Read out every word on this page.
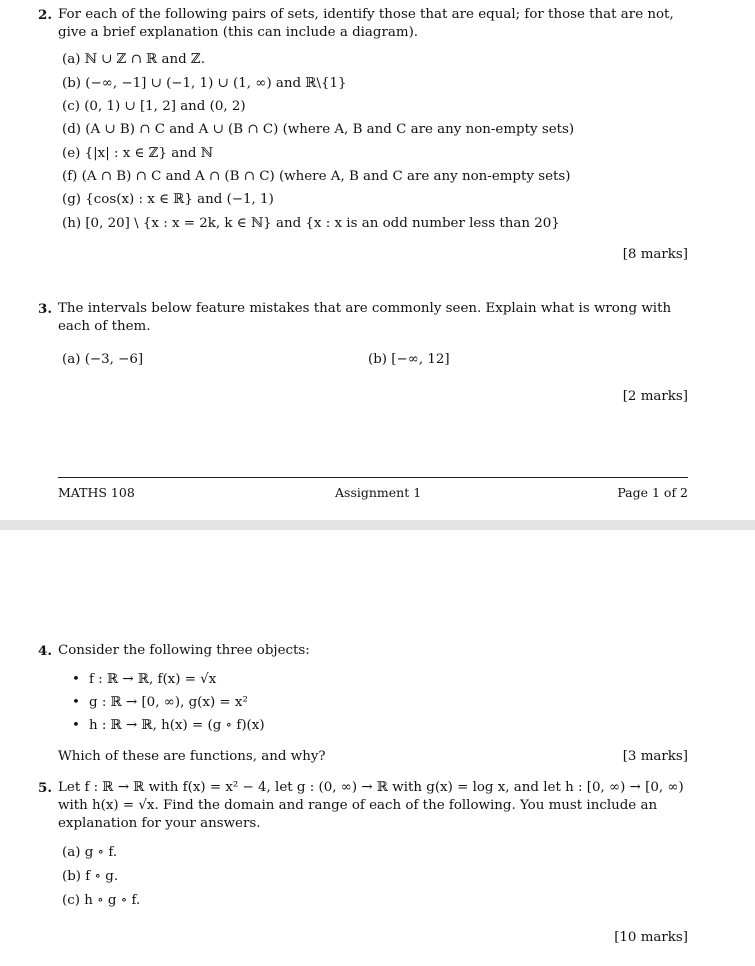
2. For each of the following pairs of sets, identify those that are equal; for those that are not, give a brief explanation (this can include a diagram).
(a) ℕ ∪ ℤ ∩ ℝ and ℤ.
(b) (−∞, −1] ∪ (−1, 1) ∪ (1, ∞) and ℝ\{1}
(c) (0, 1) ∪ [1, 2] and (0, 2)
(d) (A ∪ B) ∩ C and A ∪ (B ∩ C) (where A, B and C are any non-empty sets)
(e) {|x| : x ∈ ℤ} and ℕ
(f) (A ∩ B) ∩ C and A ∩ (B ∩ C) (where A, B and C are any non-empty sets)
(g) {cos(x) : x ∈ ℝ} and (−1, 1)
(h) [0, 20] \ {x : x = 2k, k ∈ ℕ} and {x : x is an odd number less than 20}
[8 marks]
3. The intervals below feature mistakes that are commonly seen. Explain what is wrong with each of them.
(a) (−3, −6]	(b) [−∞, 12]
[2 marks]
MATHS 108	Assignment 1	Page 1 of 2
4. Consider the following three objects:
• f : ℝ → ℝ, f(x) = √x
• g : ℝ → [0, ∞), g(x) = x²
• h : ℝ → ℝ, h(x) = (g ∘ f)(x)
Which of these are functions, and why?	[3 marks]
5. Let f : ℝ → ℝ with f(x) = x² − 4, let g : (0, ∞) → ℝ with g(x) = log x, and let h : [0, ∞) → [0, ∞) with h(x) = √x. Find the domain and range of each of the following. You must include an explanation for your answers.
(a) g ∘ f.
(b) f ∘ g.
(c) h ∘ g ∘ f.
[10 marks]
